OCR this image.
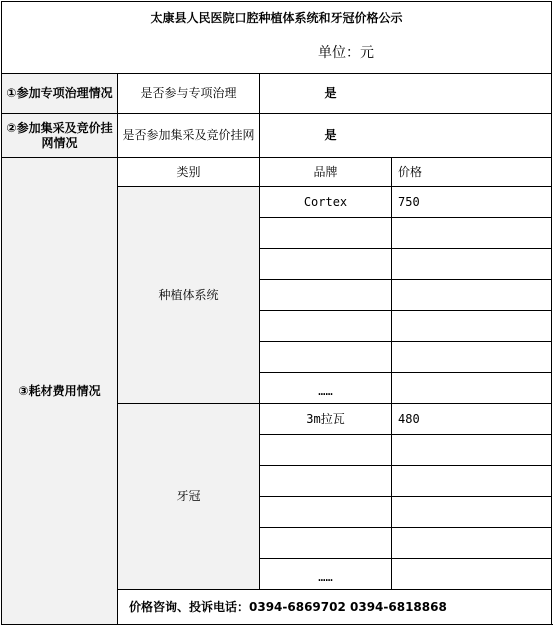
太康县人民医院口腔种植体系统和牙冠价格公示
单位：元			

①参加专项治理情况	是否参与专项治理	是	
②参加集采及竞价挂网情况	是否参加集采及竞价挂网	是	
③耗材费用情况	类别	品牌	价格
	种植体系统	Cortex	750

		……	
	牙冠	3m拉瓦	480

		……	
	价格咨询、投诉电话：0394-6869702 0394-6818868		
